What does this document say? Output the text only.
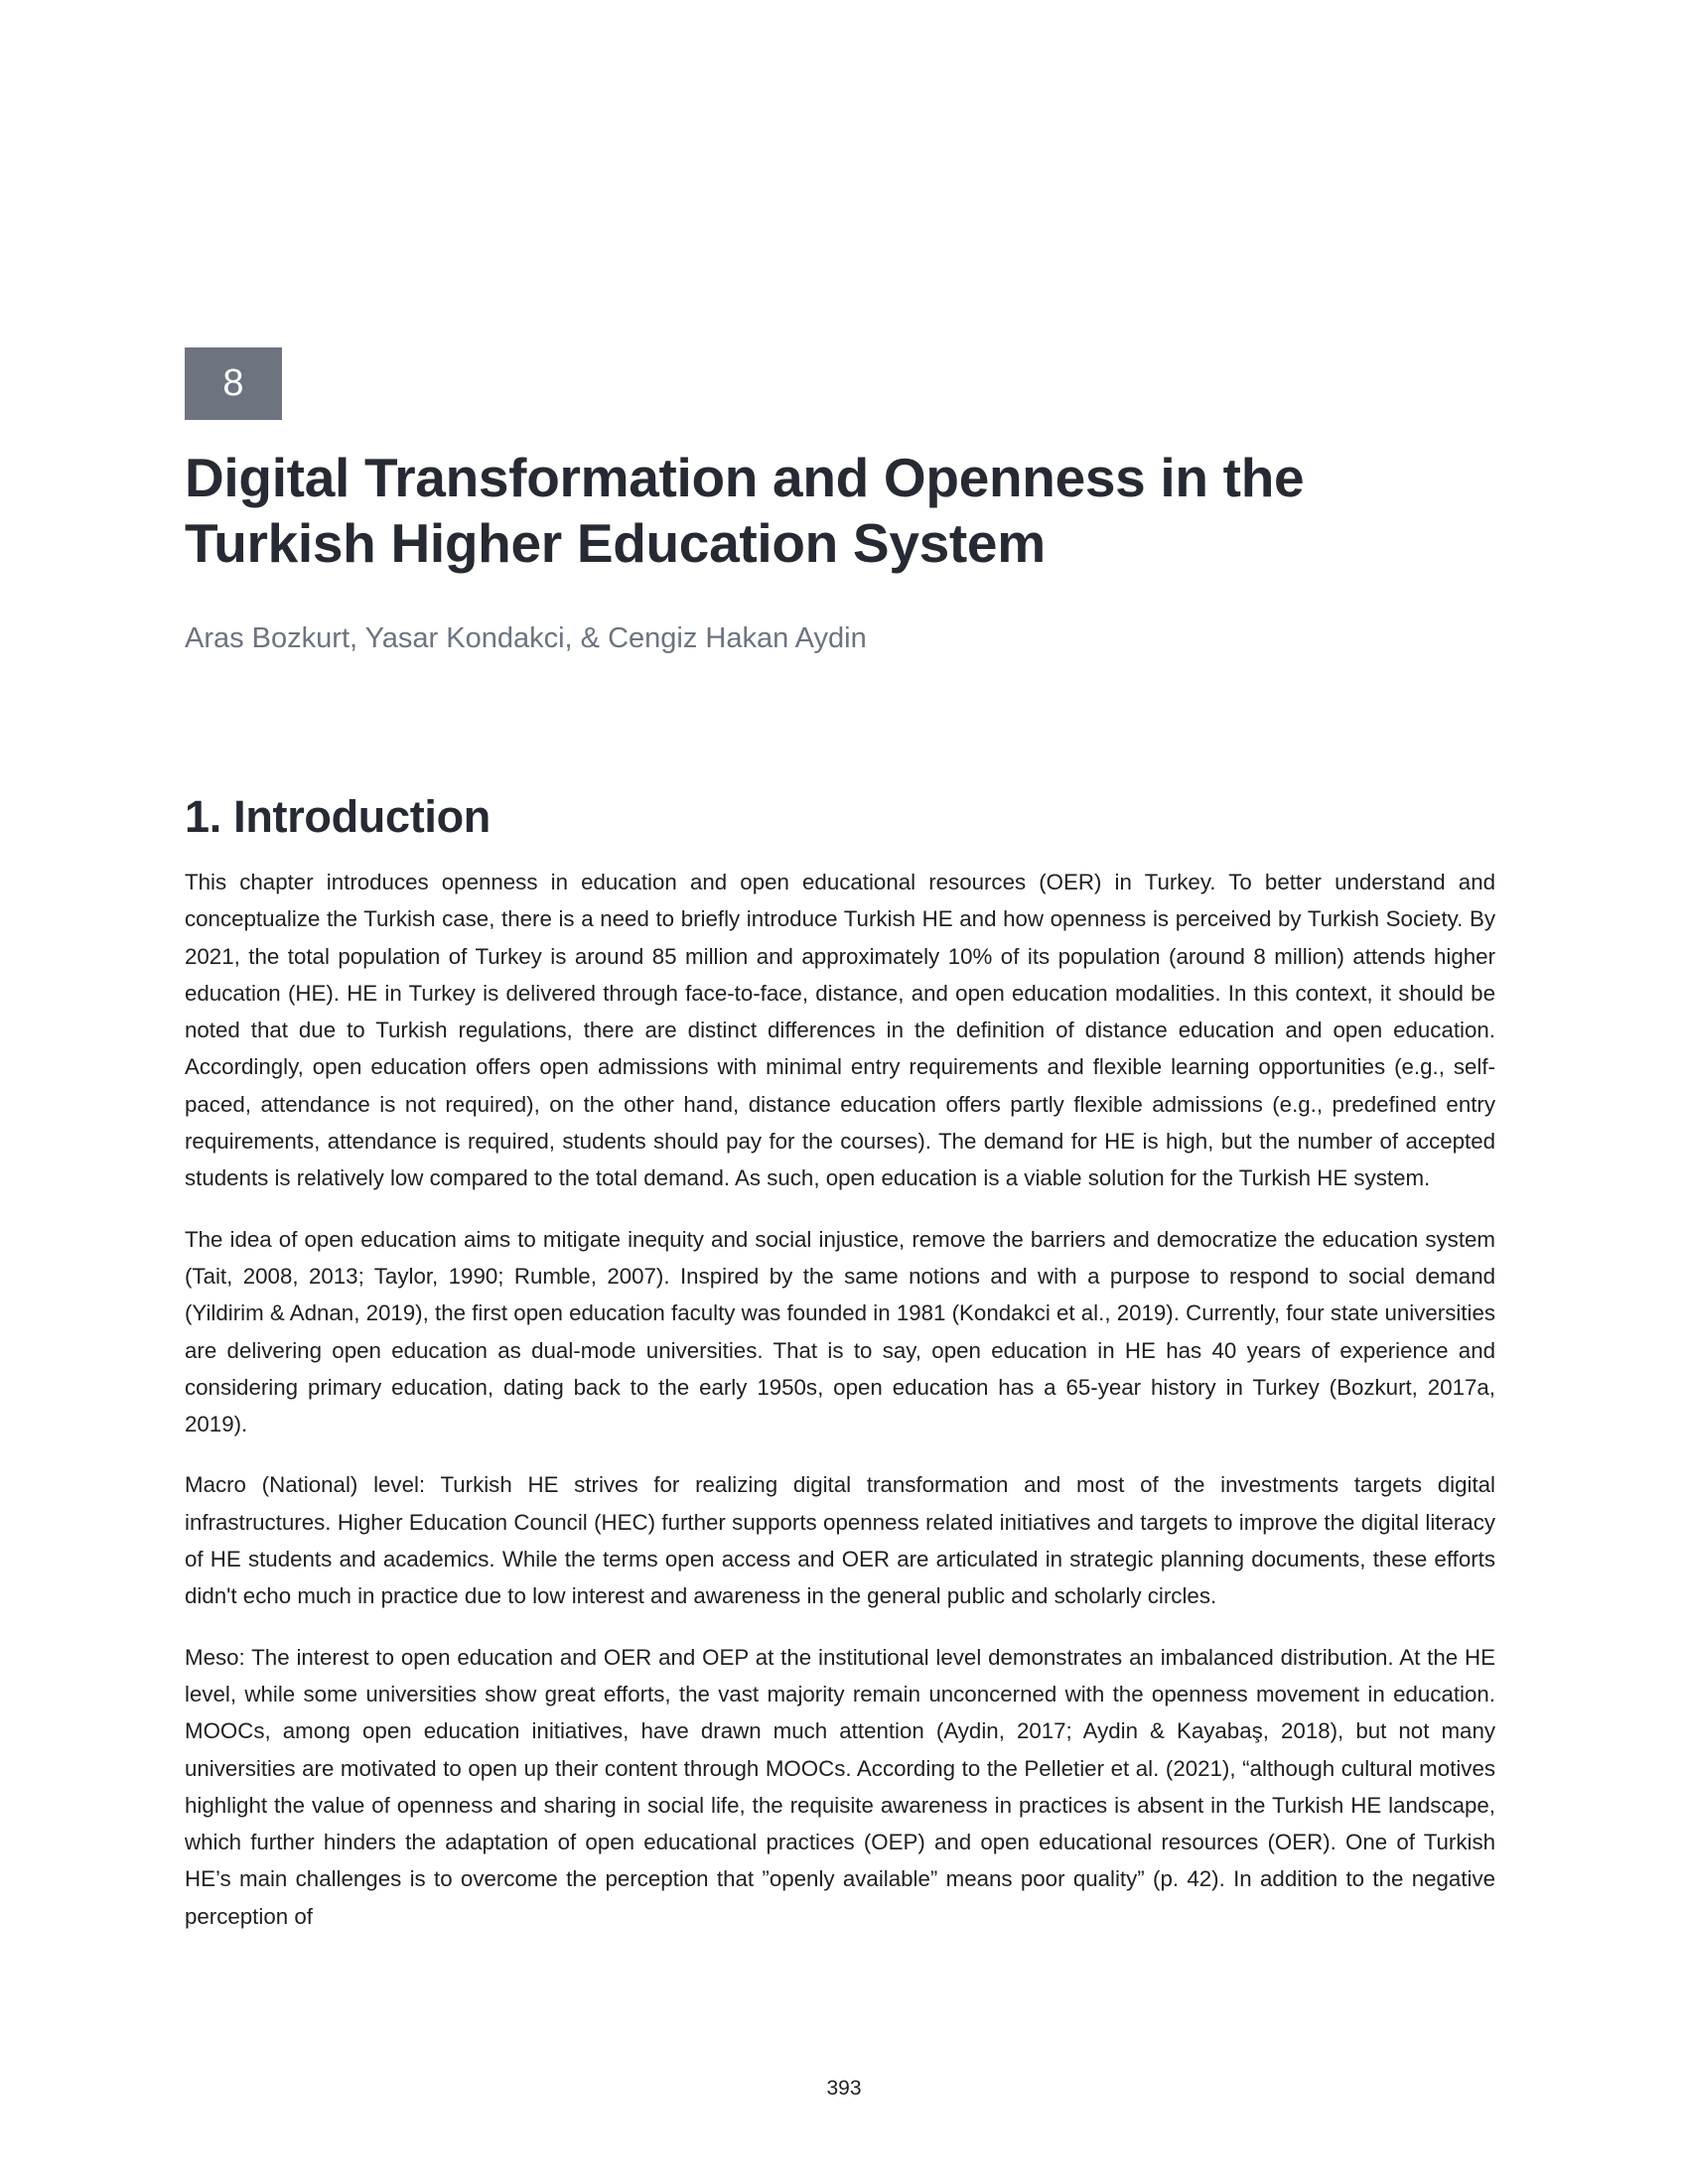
8
Digital Transformation and Openness in the Turkish Higher Education System

Aras Bozkurt, Yasar Kondakci, & Cengiz Hakan Aydin

1. Introduction

This chapter introduces openness in education and open educational resources (OER) in Turkey. To better understand and conceptualize the Turkish case, there is a need to briefly introduce Turkish HE and how openness is perceived by Turkish Society. By 2021, the total population of Turkey is around 85 million and approximately 10% of its population (around 8 million) attends higher education (HE). HE in Turkey is delivered through face-to-face, distance, and open education modalities. In this context, it should be noted that due to Turkish regulations, there are distinct differences in the definition of distance education and open education. Accordingly, open education offers open admissions with minimal entry requirements and flexible learning opportunities (e.g., self-paced, attendance is not required), on the other hand, distance education offers partly flexible admissions (e.g., predefined entry requirements, attendance is required, students should pay for the courses). The demand for HE is high, but the number of accepted students is relatively low compared to the total demand. As such, open education is a viable solution for the Turkish HE system.

The idea of open education aims to mitigate inequity and social injustice, remove the barriers and democratize the education system (Tait, 2008, 2013; Taylor, 1990; Rumble, 2007). Inspired by the same notions and with a purpose to respond to social demand (Yildirim & Adnan, 2019), the first open education faculty was founded in 1981 (Kondakci et al., 2019). Currently, four state universities are delivering open education as dual-mode universities. That is to say, open education in HE has 40 years of experience and considering primary education, dating back to the early 1950s, open education has a 65-year history in Turkey (Bozkurt, 2017a, 2019).

Macro (National) level: Turkish HE strives for realizing digital transformation and most of the investments targets digital infrastructures. Higher Education Council (HEC) further supports openness related initiatives and targets to improve the digital literacy of HE students and academics. While the terms open access and OER are articulated in strategic planning documents, these efforts didn't echo much in practice due to low interest and awareness in the general public and scholarly circles.

Meso: The interest to open education and OER and OEP at the institutional level demonstrates an imbalanced distribution. At the HE level, while some universities show great efforts, the vast majority remain unconcerned with the openness movement in education. MOOCs, among open education initiatives, have drawn much attention (Aydin, 2017; Aydin & Kayabaş, 2018), but not many universities are motivated to open up their content through MOOCs. According to the Pelletier et al. (2021), “although cultural motives highlight the value of openness and sharing in social life, the requisite awareness in practices is absent in the Turkish HE landscape, which further hinders the adaptation of open educational practices (OEP) and open educational resources (OER). One of Turkish HE’s main challenges is to overcome the perception that ”openly available” means poor quality” (p. 42). In addition to the negative perception of

393
